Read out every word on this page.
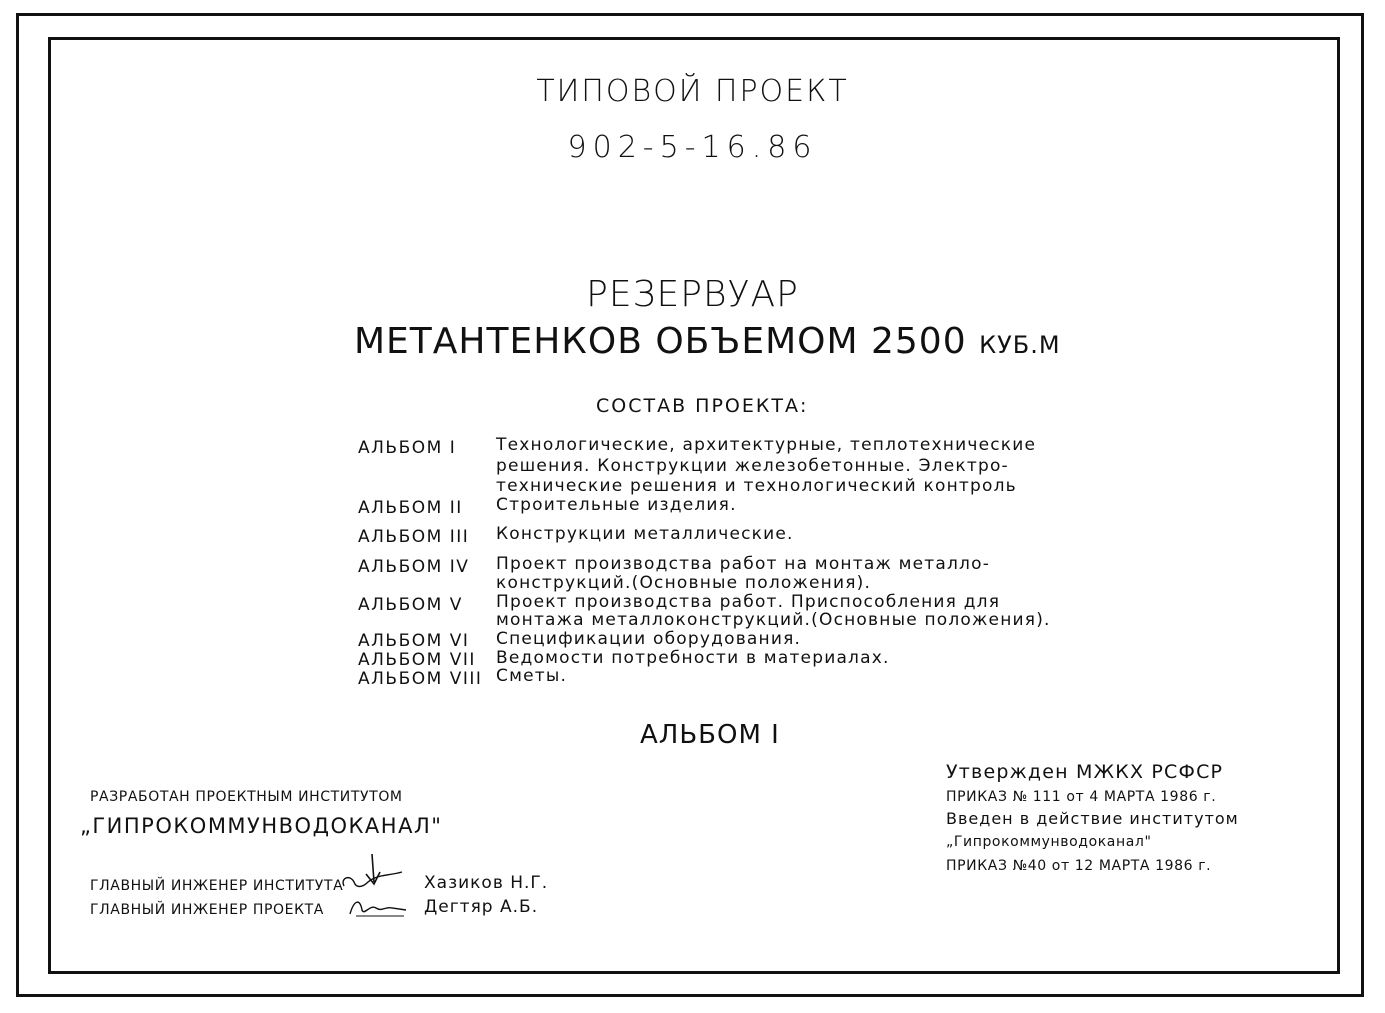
ТИПОВОЙ ПРОЕКТ
902-5-16.86
РЕЗЕРВУАР
МЕТАНТЕНКОВ ОБЪЕМОМ 2500 КУБ.М
СОСТАВ ПРОЕКТА:
АЛЬБОМ I Технологические, архитектурные, теплотехнические
решения. Конструкции железобетонные. Электро-
технические решения и технологический контроль
АЛЬБОМ II Строительные изделия.
АЛЬБОМ III Конструкции металлические.
АЛЬБОМ IV Проект производства работ на монтаж металло-
конструкций.(Основные положения).
АЛЬБОМ V Проект производства работ. Приспособления для
монтажа металлоконструкций.(Основные положения).
АЛЬБОМ VI Спецификации оборудования.
АЛЬБОМ VII Ведомости потребности в материалах.
АЛЬБОМ VIII Сметы.
АЛЬБОМ I
РАЗРАБОТАН ПРОЕКТНЫМ ИНСТИТУТОМ
„ГИПРОКОММУНВОДОКАНАЛ"
ГЛАВНЫЙ ИНЖЕНЕР ИНСТИТУТА	Хазиков Н.Г.
ГЛАВНЫЙ ИНЖЕНЕР ПРОЕКТА	Дегтяр А.Б.
Утвержден МЖКХ РСФСР
ПРИКАЗ № 111 от 4 МАРТА 1986 г.
Введен в действие институтом
„Гипрокоммунводоканал"
ПРИКАЗ №40 от 12 МАРТА 1986 г.
